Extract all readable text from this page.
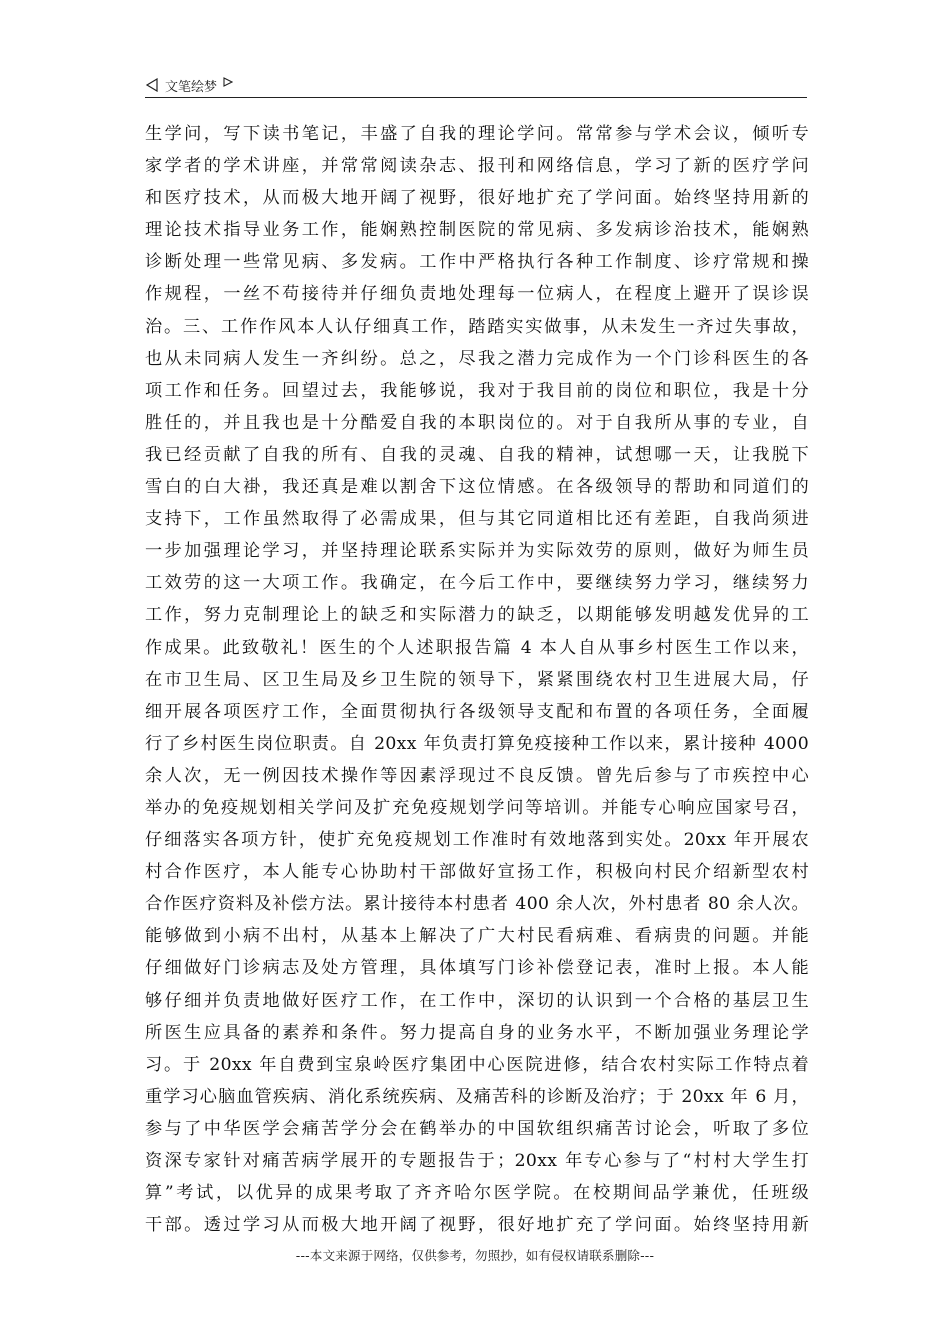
文笔绘梦
生学问，写下读书笔记，丰盛了自我的理论学问。常常参与学术会议，倾听专
家学者的学术讲座，并常常阅读杂志、报刊和网络信息，学习了新的医疗学问
和医疗技术，从而极大地开阔了视野，很好地扩充了学问面。始终坚持用新的
理论技术指导业务工作，能娴熟控制医院的常见病、多发病诊治技术，能娴熟
诊断处理一些常见病、多发病。工作中严格执行各种工作制度、诊疗常规和操
作规程，一丝不苟接待并仔细负责地处理每一位病人，在程度上避开了误诊误
治。三、工作作风本人认仔细真工作，踏踏实实做事，从未发生一齐过失事故，
也从未同病人发生一齐纠纷。总之，尽我之潜力完成作为一个门诊科医生的各
项工作和任务。回望过去，我能够说，我对于我目前的岗位和职位，我是十分
胜任的，并且我也是十分酷爱自我的本职岗位的。对于自我所从事的专业，自
我已经贡献了自我的所有、自我的灵魂、自我的精神，试想哪一天，让我脱下
雪白的白大褂，我还真是难以割舍下这位情感。在各级领导的帮助和同道们的
支持下，工作虽然取得了必需成果，但与其它同道相比还有差距，自我尚须进
一步加强理论学习，并坚持理论联系实际并为实际效劳的原则，做好为师生员
工效劳的这一大项工作。我确定，在今后工作中，要继续努力学习，继续努力
工作，努力克制理论上的缺乏和实际潜力的缺乏，以期能够发明越发优异的工
作成果。此致敬礼！医生的个人述职报告篇 4 本人自从事乡村医生工作以来，
在市卫生局、区卫生局及乡卫生院的领导下，紧紧围绕农村卫生进展大局，仔
细开展各项医疗工作，全面贯彻执行各级领导支配和布置的各项任务，全面履
行了乡村医生岗位职责。自 20xx 年负责打算免疫接种工作以来，累计接种 4000
余人次，无一例因技术操作等因素浮现过不良反馈。曾先后参与了市疾控中心
举办的免疫规划相关学问及扩充免疫规划学问等培训。并能专心响应国家号召，
仔细落实各项方针，使扩充免疫规划工作准时有效地落到实处。20xx 年开展农
村合作医疗，本人能专心协助村干部做好宣扬工作，积极向村民介绍新型农村
合作医疗资料及补偿方法。累计接待本村患者 400 余人次，外村患者 80 余人次。
能够做到小病不出村，从基本上解决了广大村民看病难、看病贵的问题。并能
仔细做好门诊病志及处方管理，具体填写门诊补偿登记表，准时上报。本人能
够仔细并负责地做好医疗工作，在工作中，深切的认识到一个合格的基层卫生
所医生应具备的素养和条件。努力提高自身的业务水平，不断加强业务理论学
习。于 20xx 年自费到宝泉岭医疗集团中心医院进修，结合农村实际工作特点着
重学习心脑血管疾病、消化系统疾病、及痛苦科的诊断及治疗；于 20xx 年 6 月，
参与了中华医学会痛苦学分会在鹤举办的中国软组织痛苦讨论会，听取了多位
资深专家针对痛苦病学展开的专题报告于；20xx 年专心参与了“村村大学生打
算”考试，以优异的成果考取了齐齐哈尔医学院。在校期间品学兼优，任班级
干部。透过学习从而极大地开阔了视野，很好地扩充了学问面。始终坚持用新
---本文来源于网络，仅供参考，勿照抄，如有侵权请联系删除---
